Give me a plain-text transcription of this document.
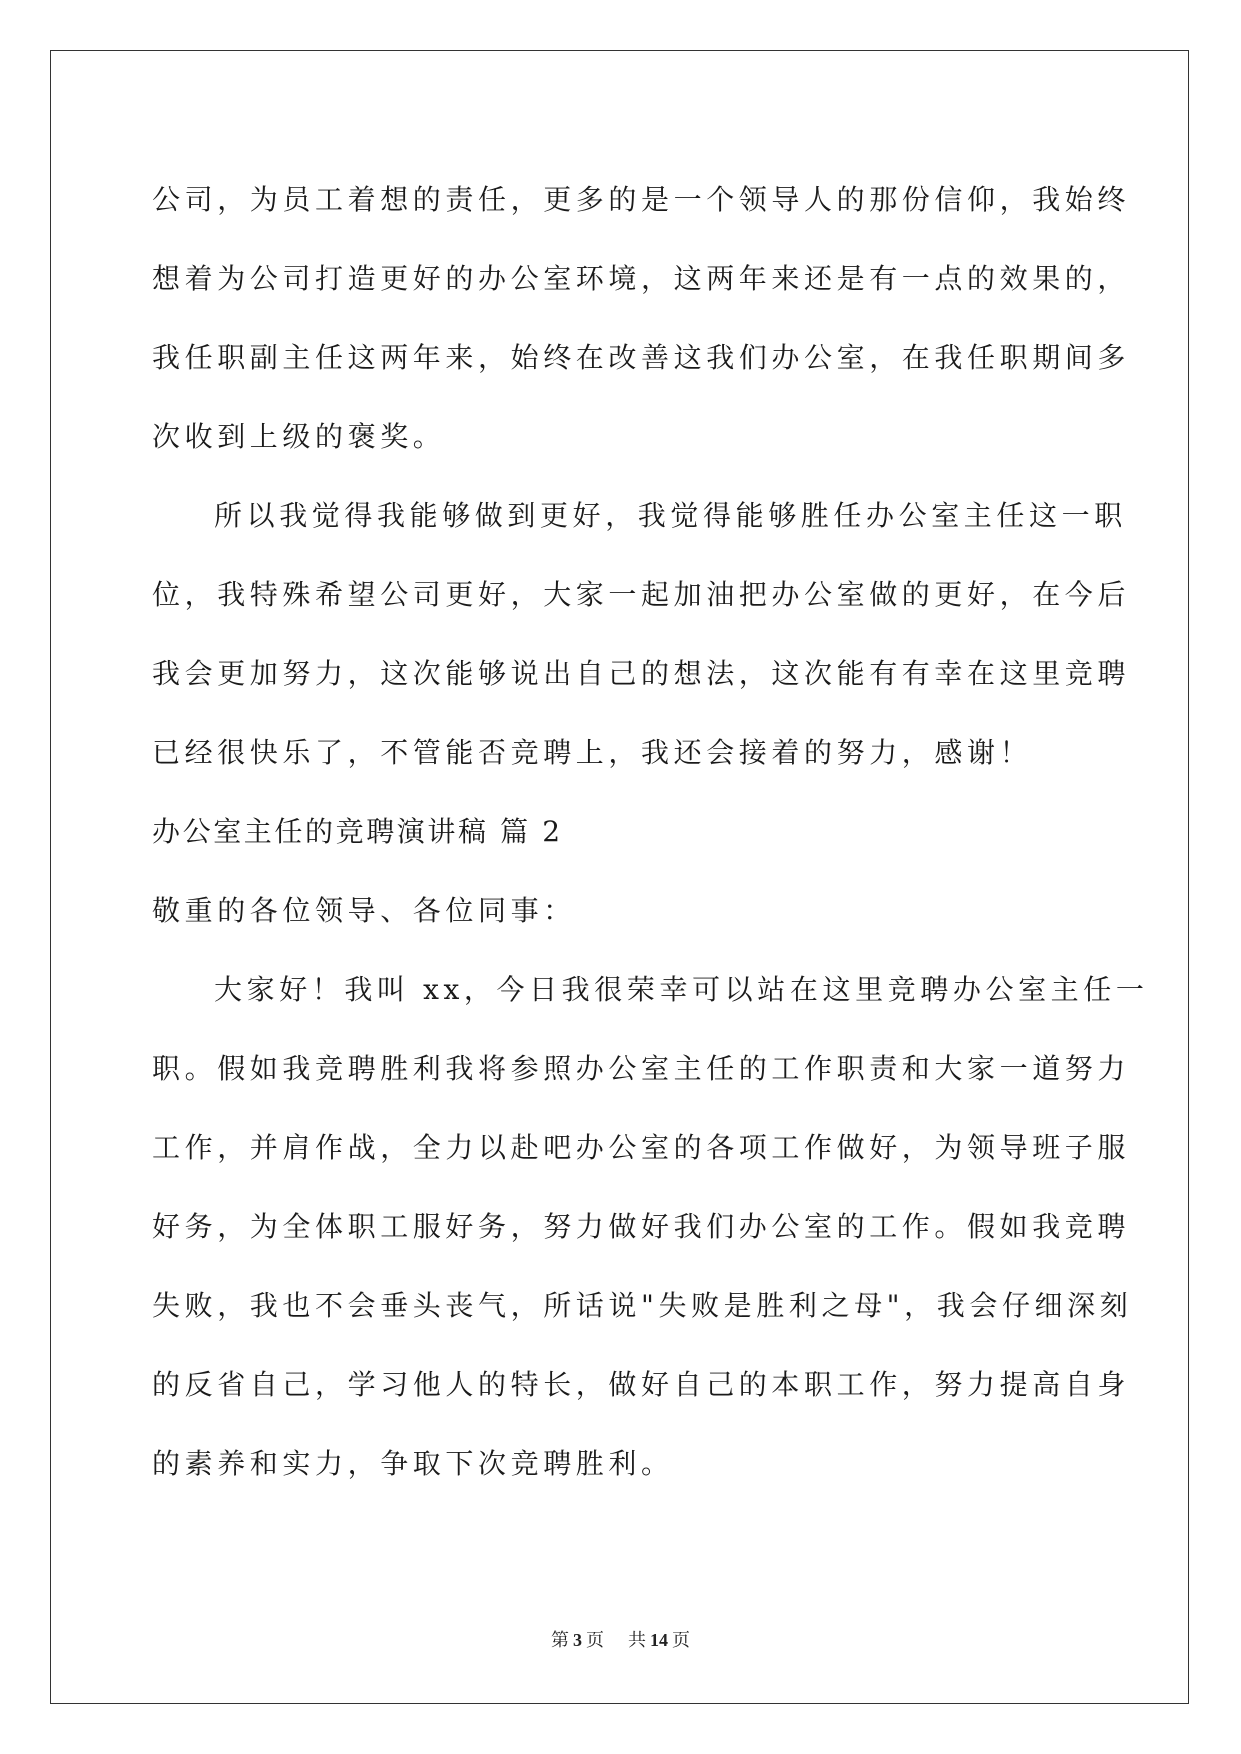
公司，为员工着想的责任，更多的是一个领导人的那份信仰，我始终
想着为公司打造更好的办公室环境，这两年来还是有一点的效果的，
我任职副主任这两年来，始终在改善这我们办公室，在我任职期间多
次收到上级的褒奖。
所以我觉得我能够做到更好，我觉得能够胜任办公室主任这一职
位，我特殊希望公司更好，大家一起加油把办公室做的更好，在今后
我会更加努力，这次能够说出自己的想法，这次能有有幸在这里竞聘
已经很快乐了，不管能否竞聘上，我还会接着的努力，感谢！
办公室主任的竞聘演讲稿 篇 2
敬重的各位领导、各位同事：
大家好！我叫 xx，今日我很荣幸可以站在这里竞聘办公室主任一
职。假如我竞聘胜利我将参照办公室主任的工作职责和大家一道努力
工作，并肩作战，全力以赴吧办公室的各项工作做好，为领导班子服
好务，为全体职工服好务，努力做好我们办公室的工作。假如我竞聘
失败，我也不会垂头丧气，所话说"失败是胜利之母"，我会仔细深刻
的反省自己，学习他人的特长，做好自己的本职工作，努力提高自身
的素养和实力，争取下次竞聘胜利。
第 3 页 共 14 页
